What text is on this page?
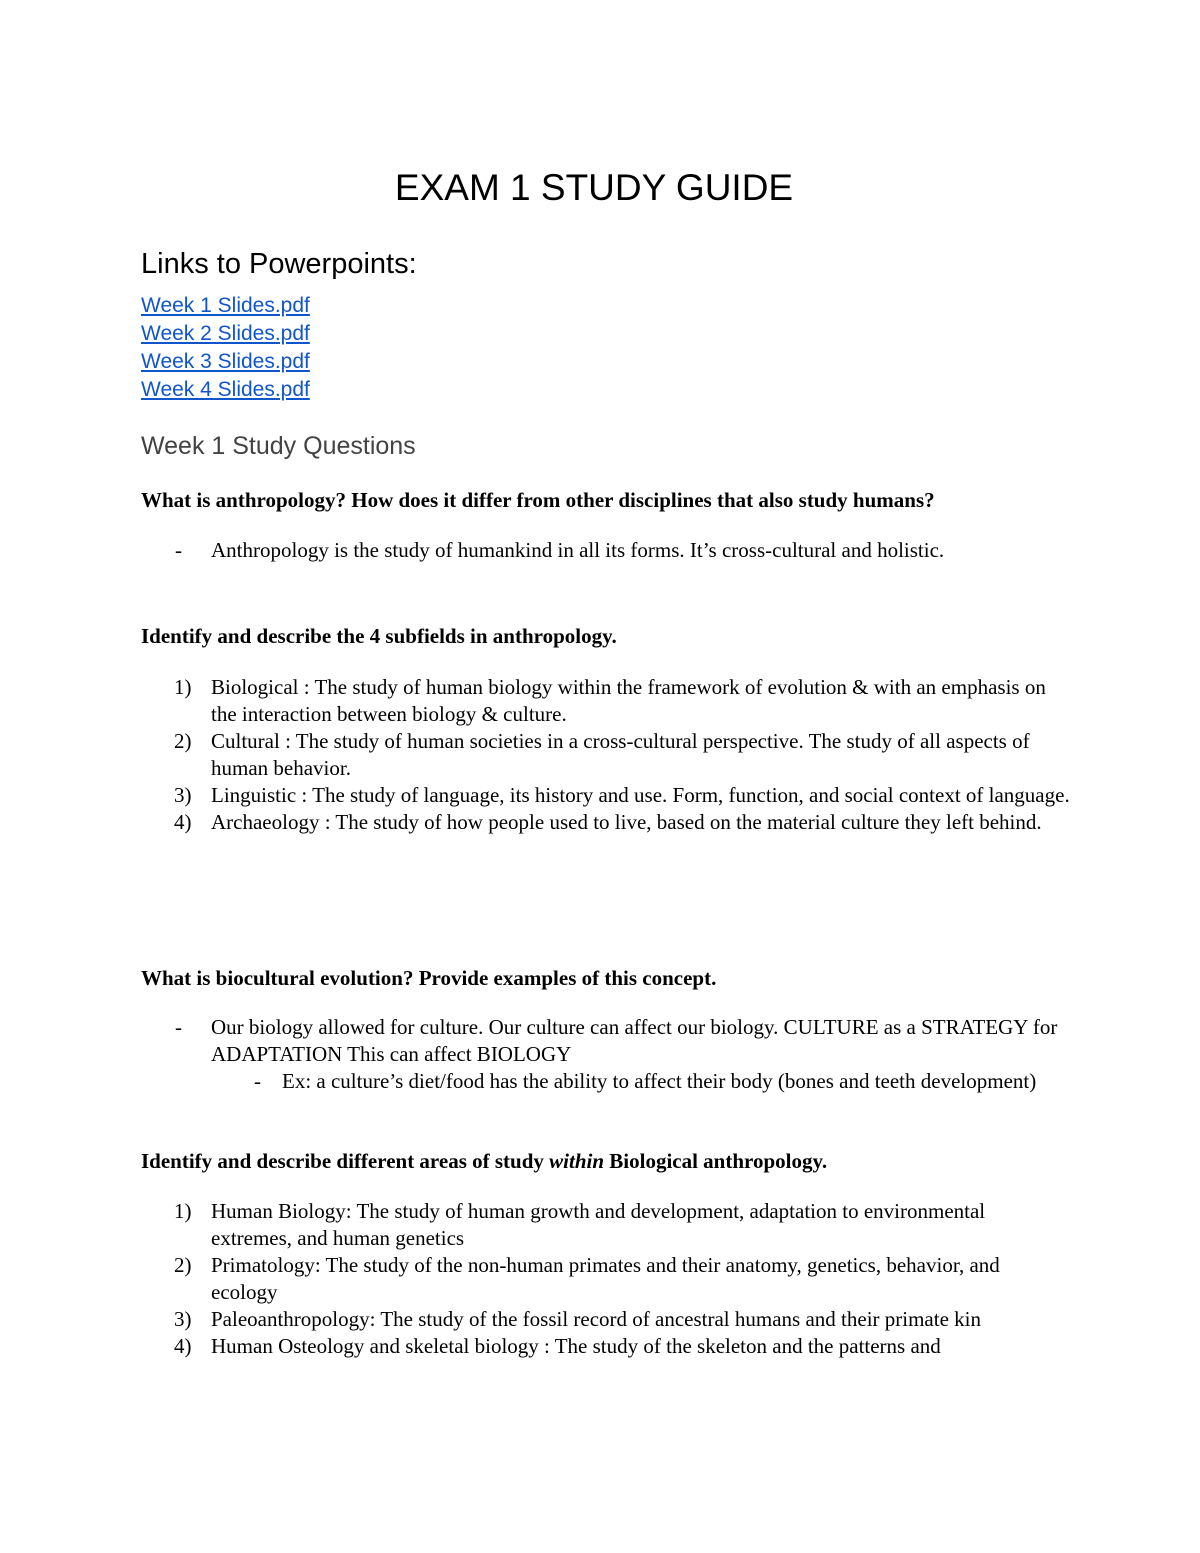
EXAM 1 STUDY GUIDE
Links to Powerpoints:
Week 1 Slides.pdf
Week 2 Slides.pdf
Week 3 Slides.pdf
Week 4 Slides.pdf
Week 1 Study Questions
What is anthropology? How does it differ from other disciplines that also study humans?
- Anthropology is the study of humankind in all its forms. It’s cross-cultural and holistic.
Identify and describe the 4 subfields in anthropology.
1) Biological : The study of human biology within the framework of evolution & with an emphasis on the interaction between biology & culture.
2) Cultural : The study of human societies in a cross-cultural perspective. The study of all aspects of human behavior.
3) Linguistic : The study of language, its history and use. Form, function, and social context of language.
4) Archaeology : The study of how people used to live, based on the material culture they left behind.
What is biocultural evolution? Provide examples of this concept.
- Our biology allowed for culture. Our culture can affect our biology. CULTURE as a STRATEGY for ADAPTATION This can affect BIOLOGY
- Ex: a culture’s diet/food has the ability to affect their body (bones and teeth development)
Identify and describe different areas of study within Biological anthropology.
1) Human Biology: The study of human growth and development, adaptation to environmental extremes, and human genetics
2) Primatology: The study of the non-human primates and their anatomy, genetics, behavior, and ecology
3) Paleoanthropology: The study of the fossil record of ancestral humans and their primate kin
4) Human Osteology and skeletal biology : The study of the skeleton and the patterns and
